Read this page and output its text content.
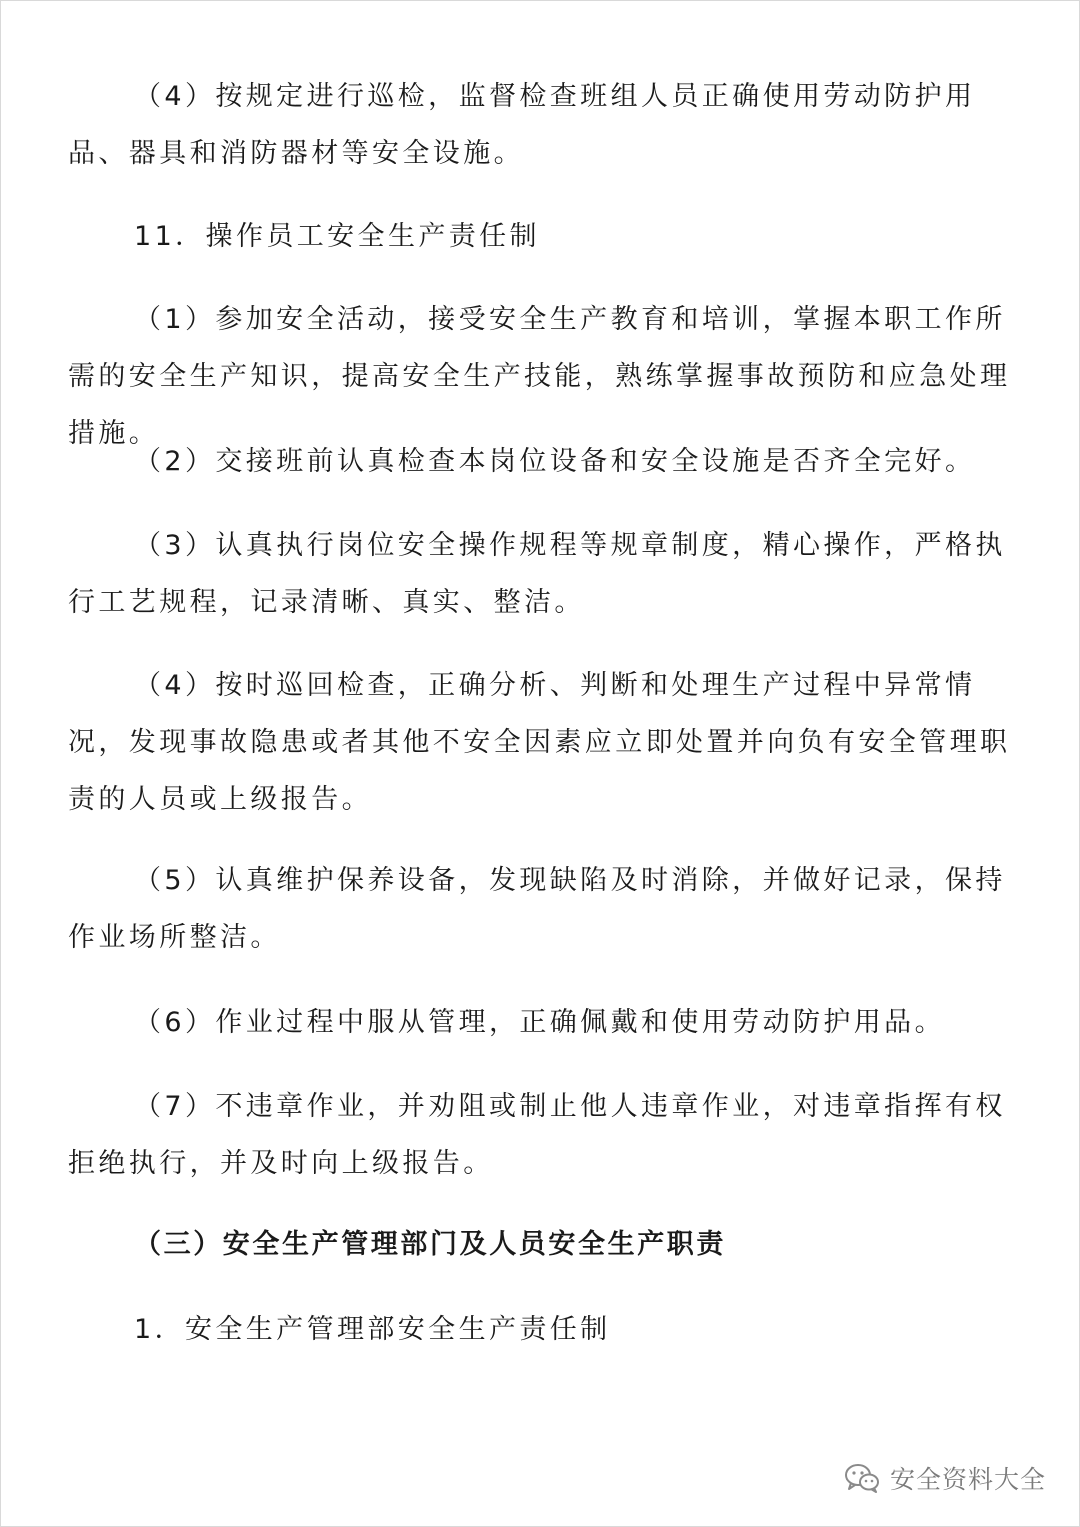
（4）按规定进行巡检，监督检查班组人员正确使用劳动防护用品、器具和消防器材等安全设施。

11．操作员工安全生产责任制

（1）参加安全活动，接受安全生产教育和培训，掌握本职工作所需的安全生产知识，提高安全生产技能，熟练掌握事故预防和应急处理措施。

（2）交接班前认真检查本岗位设备和安全设施是否齐全完好。

（3）认真执行岗位安全操作规程等规章制度，精心操作，严格执行工艺规程，记录清晰、真实、整洁。

（4）按时巡回检查，正确分析、判断和处理生产过程中异常情况，发现事故隐患或者其他不安全因素应立即处置并向负有安全管理职责的人员或上级报告。

（5）认真维护保养设备，发现缺陷及时消除，并做好记录，保持作业场所整洁。

（6）作业过程中服从管理，正确佩戴和使用劳动防护用品。

（7）不违章作业，并劝阻或制止他人违章作业，对违章指挥有权拒绝执行，并及时向上级报告。

（三）安全生产管理部门及人员安全生产职责

1．安全生产管理部安全生产责任制

安全资料大全
